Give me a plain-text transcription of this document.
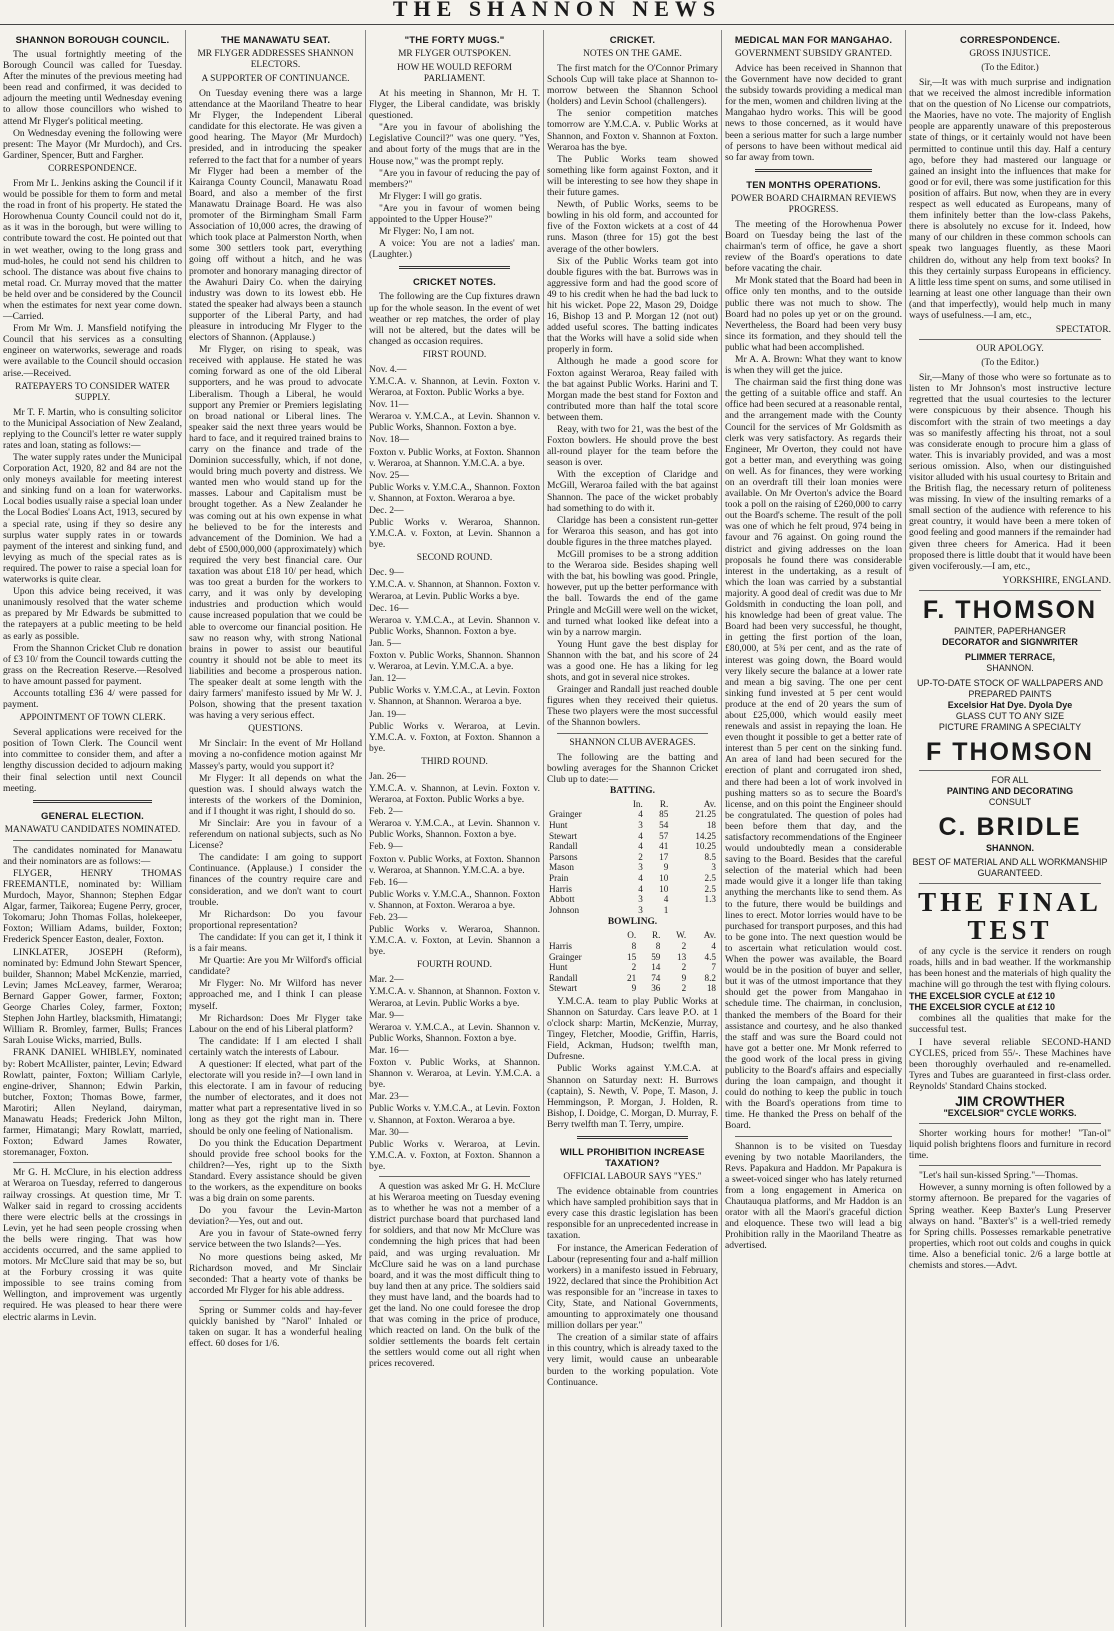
THE SHANNON NEWS
SHANNON BOROUGH COUNCIL.

The usual fortnightly meeting of the Borough Council was called for Tuesday. After the minutes of the previous meeting had been read and confirmed, it was decided to adjourn the meeting until Wednesday evening to allow those councillors who wished to attend Mr Flyger's political meeting.

On Wednesday evening the following were present: The Mayor (Mr Murdoch), and Crs. Gardiner, Spencer, Butt and Fargher.

CORRESPONDENCE.

From Mr L. Jenkins asking the Council if it would be possible for them to form and metal the road in front of his property. He stated the Horowhenua County Council could not do it, as it was in the borough, but were willing to contribute toward the cost. He pointed out that in wet weather, owing to the long grass and mud-holes, he could not send his children to school. The distance was about five chains to metal road. Cr. Murray moved that the matter be held over and be considered by the Council when the estimates for next year come down.—Carried.

From Mr Wm. J. Mansfield notifying the Council that his services as a consulting engineer on waterworks, sewerage and roads were available to the Council should occasion arise.—Received.

RATEPAYERS TO CONSIDER WATER SUPPLY.

Mr T. F. Martin, who is consulting solicitor to the Municipal Association of New Zealand, replying to the Council's letter re water supply rates and loan, stating as follows:—

The water supply rates under the Municipal Corporation Act, 1920, 82 and 84 are not the only moneys available for meeting interest and sinking fund on a loan for waterworks. Local bodies usually raise a special loan under the Local Bodies' Loans Act, 1913, secured by a special rate, using if they so desire any surplus water supply rates in or towards payment of the interest and sinking fund, and levying as much of the special rates as is required. The power to raise a special loan for waterworks is quite clear.

Upon this advice being received, it was unanimously resolved that the water scheme as prepared by Mr Edwards be submitted to the ratepayers at a public meeting to be held as early as possible.

From the Shannon Cricket Club re donation of £3 10/ from the Council towards cutting the grass on the Recreation Reserve.—Resolved to have amount passed for payment.

Accounts totalling £36 4/ were passed for payment.

APPOINTMENT OF TOWN CLERK.

Several applications were received for the position of Town Clerk. The Council went into committee to consider them, and after a lengthy discussion decided to adjourn making their final selection until next Council meeting.

GENERAL ELECTION.
MANAWATU CANDIDATES NOMINATED.

The candidates nominated for Manawatu and their nominators are as follows:—

FLYGER, HENRY THOMAS FREEMANTLE, nominated by: William Murdoch, Mayor, Shannon; Stephen Edgar Algar, farmer, Taikorea; Eugene Perry, grocer, Tokomaru; John Thomas Follas, holekeeper, Foxton; William Adams, builder, Foxton; Frederick Spencer Easton, dealer, Foxton.

LINKLATER, JOSEPH (Reform), nominated by: Edmund John Stewart Spencer, builder, Shannon; Mabel McKenzie, married, Levin; James McLeavey, farmer, Weraroa; Bernard Gapper Gower, farmer, Foxton; George Charles Coley, farmer, Foxton; Stephen John Hartley, blacksmith, Himatangi; William R. Bromley, farmer, Bulls; Frances Sarah Louise Wicks, married, Bulls.

FRANK DANIEL WHIBLEY, nominated by: Robert McAllister, painter, Levin; Edward Rowlatt, painter, Foxton; William Carlyle, engine-driver, Shannon; Edwin Parkin, butcher, Foxton; Thomas Bowe, farmer, Marotiri; Allen Neyland, dairyman, Manawatu Heads; Frederick John Milton, farmer, Himatangi; Mary Rowlatt, married, Foxton; Edward James Rowater, storemanager, Foxton.

Mr G. H. McClure, in his election address at Weraroa on Tuesday, referred to dangerous railway crossings. At question time, Mr T. Walker said in regard to crossing accidents there were electric bells at the crossings in Levin, yet he had seen people crossing when the bells were ringing. That was how accidents occurred, and the same applied to motors. Mr McClure said that may be so, but at the Forbury crossing it was quite impossible to see trains coming from Wellington, and improvement was urgently required. He was pleased to hear there were electric alarms in Levin.

THE MANAWATU SEAT.
MR FLYGER ADDRESSES SHANNON ELECTORS.
A SUPPORTER OF CONTINUANCE.

On Tuesday evening there was a large attendance at the Maoriland Theatre to hear Mr Flyger, the Independent Liberal candidate for this electorate. He was given a good hearing. The Mayor (Mr Murdoch) presided, and in introducing the speaker referred to the fact that for a number of years Mr Flyger had been a member of the Kairanga County Council, Manawatu Road Board, and also a member of the first Manawatu Drainage Board. He was also promoter of the Birmingham Small Farm Association of 10,000 acres, the drawing of which took place at Palmerston North, when some 300 settlers took part, everything going off without a hitch, and he was promoter and honorary managing director of the Awahuri Dairy Co. when the dairying industry was down to its lowest ebb. He stated the speaker had always been a staunch supporter of the Liberal Party, and had pleasure in introducing Mr Flyger to the electors of Shannon. (Applause.)

Mr Flyger, on rising to speak, was received with applause. He stated he was coming forward as one of the old Liberal supporters, and he was proud to advocate Liberalism. Though a Liberal, he would support any Premier or Premiers legislating on broad national or Liberal lines. The speaker said the next three years would be hard to face, and it required trained brains to carry on the finance and trade of the Dominion successfully, which, if not done, would bring much poverty and distress. We wanted men who would stand up for the masses. Labour and Capitalism must be brought together. As a New Zealander he was coming out at his own expense in what he believed to be for the interests and advancement of the Dominion. We had a debt of £500,000,000 (approximately) which required the very best financial care. Our taxation was about £18 10/ per head, which was too great a burden for the workers to carry, and it was only by developing industries and production which would cause increased population that we could be able to overcome our financial position. He saw no reason why, with strong National brains in power to assist our beautiful country it should not be able to meet its liabilities and become a prosperous nation. The speaker dealt at some length with the dairy farmers' manifesto issued by Mr W. J. Polson, showing that the present taxation was having a very serious effect.

QUESTIONS.

Mr Sinclair: In the event of Mr Holland moving a no-confidence motion against Mr Massey's party, would you support it?

Mr Flyger: It all depends on what the question was. I should always watch the interests of the workers of the Dominion, and if I thought it was right, I should do so.

Mr Sinclair: Are you in favour of a referendum on national subjects, such as No License?

The candidate: I am going to support Continuance. (Applause.) I consider the finances of the country require care and consideration, and we don't want to court trouble.

Mr Richardson: Do you favour proportional representation?

The candidate: If you can get it, I think it is a fair means.

Mr Quartie: Are you Mr Wilford's official candidate?

Mr Flyger: No. Mr Wilford has never approached me, and I think I can please myself.

Mr Richardson: Does Mr Flyger take Labour on the end of his Liberal platform?

The candidate: If I am elected I shall certainly watch the interests of Labour.

A questioner: If elected, what part of the electorate will you reside in?—I own land in this electorate. I am in favour of reducing the number of electorates, and it does not matter what part a representative lived in so long as they got the right man in. There should be only one feeling of Nationalism.

Do you think the Education Department should provide free school books for the children?—Yes, right up to the Sixth Standard. Every assistance should be given to the workers, as the expenditure on books was a big drain on some parents.

Do you favour the Levin-Marton deviation?—Yes, out and out.

Are you in favour of State-owned ferry service between the two Islands?—Yes.

No more questions being asked, Mr Richardson moved, and Mr Sinclair seconded: That a hearty vote of thanks be accorded Mr Flyger for his able address.

Spring or Summer colds and hay-fever quickly banished by "Narol" Inhaled or taken on sugar. It has a wonderful healing effect. 60 doses for 1/6.

"THE FORTY MUGS."
MR FLYGER OUTSPOKEN.
HOW HE WOULD REFORM PARLIAMENT.

At his meeting in Shannon, Mr H. T. Flyger, the Liberal candidate, was briskly questioned.

"Are you in favour of abolishing the Legislative Council?" was one query. "Yes, and about forty of the mugs that are in the House now," was the prompt reply.

"Are you in favour of reducing the pay of members?"

Mr Flyger: I will go gratis.

"Are you in favour of women being appointed to the Upper House?"

Mr Flyger: No, I am not.

A voice: You are not a ladies' man. (Laughter.)

CRICKET NOTES.

The following are the Cup fixtures drawn up for the whole season. In the event of wet weather or rep matches, the order of play will not be altered, but the dates will be changed as occasion requires.

FIRST ROUND.

Nov. 4.—

Y.M.C.A. v. Shannon, at Levin. Foxton v. Weraroa, at Foxton. Public Works a bye.

Nov. 11—

Weraroa v. Y.M.C.A., at Levin. Shannon v. Public Works, Shannon. Foxton a bye.

Nov. 18—

Foxton v. Public Works, at Foxton. Shannon v. Weraroa, at Shannon. Y.M.C.A. a bye.

Nov. 25—

Public Works v. Y.M.C.A., Shannon. Foxton v. Shannon, at Foxton. Weraroa a bye.

Dec. 2—

Public Works v. Weraroa, Shannon. Y.M.C.A. v. Foxton, at Levin. Shannon a bye.

SECOND ROUND.

Dec. 9—

Y.M.C.A. v. Shannon, at Shannon. Foxton v. Weraroa, at Levin. Public Works a bye.

Dec. 16—

Weraroa v. Y.M.C.A., at Levin. Shannon v. Public Works, Shannon. Foxton a bye.

Jan. 5—

Foxton v. Public Works, Shannon. Shannon v. Weraroa, at Levin. Y.M.C.A. a bye.

Jan. 12—

Public Works v. Y.M.C.A., at Levin. Foxton v. Shannon, at Shannon. Weraroa a bye.

Jan. 19—

Public Works v. Weraroa, at Levin. Y.M.C.A. v. Foxton, at Foxton. Shannon a bye.

THIRD ROUND.

Jan. 26—

Y.M.C.A. v. Shannon, at Levin. Foxton v. Weraroa, at Foxton. Public Works a bye.

Feb. 2—

Weraroa v. Y.M.C.A., at Levin. Shannon v. Public Works, Shannon. Foxton a bye.

Feb. 9—

Foxton v. Public Works, at Foxton. Shannon v. Weraroa, at Shannon. Y.M.C.A. a bye.

Feb. 16—

Public Works v. Y.M.C.A., Shannon. Foxton v. Shannon, at Foxton. Weraroa a bye.

Feb. 23—

Public Works v. Weraroa, Shannon. Y.M.C.A. v. Foxton, at Levin. Shannon a bye.

FOURTH ROUND.

Mar. 2—

Y.M.C.A. v. Shannon, at Shannon. Foxton v. Weraroa, at Levin. Public Works a bye.

Mar. 9—

Weraroa v. Y.M.C.A., at Levin. Shannon v. Public Works, Shannon. Foxton a bye.

Mar. 16—

Foxton v. Public Works, at Shannon. Shannon v. Weraroa, at Levin. Y.M.C.A. a bye.

Mar. 23—

Public Works v. Y.M.C.A., at Levin. Foxton v. Shannon, at Foxton. Weraroa a bye.

Mar. 30—

Public Works v. Weraroa, at Levin. Y.M.C.A. v. Foxton, at Foxton. Shannon a bye.

A question was asked Mr G. H. McClure at his Weraroa meeting on Tuesday evening as to whether he was not a member of a district purchase board that purchased land for soldiers, and that now Mr McClure was condemning the high prices that had been paid, and was urging revaluation. Mr McClure said he was on a land purchase board, and it was the most difficult thing to buy land then at any price. The soldiers said they must have land, and the boards had to get the land. No one could foresee the drop that was coming in the price of produce, which reacted on land. On the bulk of the soldier settlements the boards felt certain the settlers would come out all right when prices recovered.

CRICKET.
NOTES ON THE GAME.

The first match for the O'Connor Primary Schools Cup will take place at Shannon to-morrow between the Shannon School (holders) and Levin School (challengers).

The senior competition matches tomorrow are Y.M.C.A. v. Public Works at Shannon, and Foxton v. Shannon at Foxton. Weraroa has the bye.

The Public Works team showed something like form against Foxton, and it will be interesting to see how they shape in their future games.

Newth, of Public Works, seems to be bowling in his old form, and accounted for five of the Foxton wickets at a cost of 44 runs. Mason (three for 15) got the best average of the other bowlers.

Six of the Public Works team got into double figures with the bat. Burrows was in aggressive form and had the good score of 49 to his credit when he had the bad luck to hit his wicket. Pope 22, Mason 29, Doidge 16, Bishop 13 and P. Morgan 12 (not out) added useful scores. The batting indicates that the Works will have a solid side when properly in form.

Although he made a good score for Foxton against Weraroa, Reay failed with the bat against Public Works. Harini and T. Morgan made the best stand for Foxton and contributed more than half the total score between them.

Reay, with two for 21, was the best of the Foxton bowlers. He should prove the best all-round player for the team before the season is over.

With the exception of Claridge and McGill, Weraroa failed with the bat against Shannon. The pace of the wicket probably had something to do with it.

Claridge has been a consistent run-getter for Weraroa this season, and has got into double figures in the three matches played.

McGill promises to be a strong addition to the Weraroa side. Besides shaping well with the bat, his bowling was good. Pringle, however, put up the better performance with the ball. Towards the end of the game Pringle and McGill were well on the wicket, and turned what looked like defeat into a win by a narrow margin.

Young Hunt gave the best display for Shannon with the bat, and his score of 24 was a good one. He has a liking for leg shots, and got in several nice strokes.

Grainger and Randall just reached double figures when they received their quietus. These two players were the most successful of the Shannon bowlers.

SHANNON CLUB AVERAGES.

The following are the batting and bowling averages for the Shannon Cricket Club up to date:—

BATTING.
	In.	R.	Av.
Grainger	4	85	21.25
Hunt	3	54	18
Stewart	4	57	14.25
Randall	4	41	10.25
Parsons	2	17	8.5
Mason	3	9	3
Prain	4	10	2.5
Harris	4	10	2.5
Abbott	3	4	1.3
Johnson	3	1	
BOWLING.
	O.	R.	W.	Av.
Harris	8	8	2	4
Grainger	15	59	13	4.5
Hunt	2	14	2	7
Randall	21	74	9	8.2
Stewart	9	36	2	18

Y.M.C.A. team to play Public Works at Shannon on Saturday. Cars leave P.O. at 1 o'clock sharp: Martin, McKenzie, Murray, Tingey, Fletcher, Moodie, Griffin, Harris, Field, Ackman, Hudson; twelfth man, Dufresne.

Public Works against Y.M.C.A. at Shannon on Saturday next: H. Burrows (captain), S. Newth, V. Pope, T. Mason, J. Hemmingson, P. Morgan, J. Holden, R. Bishop, I. Doidge, C. Morgan, D. Murray, F. Berry twelfth man T. Terry, umpire.

WILL PROHIBITION INCREASE TAXATION?
OFFICIAL LABOUR SAYS "YES."

The evidence obtainable from countries which have sampled prohibition says that in every case this drastic legislation has been responsible for an unprecedented increase in taxation.

For instance, the American Federation of Labour (representing four and a-half million workers) in a manifesto issued in February, 1922, declared that since the Prohibition Act was responsible for an "increase in taxes to City, State, and National Governments, amounting to approximately one thousand million dollars per year."

The creation of a similar state of affairs in this country, which is already taxed to the very limit, would cause an unbearable burden to the working population. Vote Continuance.

MEDICAL MAN FOR MANGAHAO.
GOVERNMENT SUBSIDY GRANTED.

Advice has been received in Shannon that the Government have now decided to grant the subsidy towards providing a medical man for the men, women and children living at the Mangahao hydro works. This will be good news to those concerned, as it would have been a serious matter for such a large number of persons to have been without medical aid so far away from town.

TEN MONTHS OPERATIONS.
POWER BOARD CHAIRMAN REVIEWS PROGRESS.

The meeting of the Horowhenua Power Board on Tuesday being the last of the chairman's term of office, he gave a short review of the Board's operations to date before vacating the chair.

Mr Monk stated that the Board had been in office only ten months, and to the outside public there was not much to show. The Board had no poles up yet or on the ground. Nevertheless, the Board had been very busy since its formation, and they should tell the public what had been accomplished.

Mr A. A. Brown: What they want to know is when they will get the juice.

The chairman said the first thing done was the getting of a suitable office and staff. An office had been secured at a reasonable rental, and the arrangement made with the County Council for the services of Mr Goldsmith as clerk was very satisfactory. As regards their Engineer, Mr Overton, they could not have got a better man, and everything was going on well. As for finances, they were working on an overdraft till their loan monies were available. On Mr Overton's advice the Board took a poll on the raising of £260,000 to carry out the Board's scheme. The result of the poll was one of which he felt proud, 974 being in favour and 76 against. On going round the district and giving addresses on the loan proposals he found there was considerable interest in the undertaking, as a result of which the loan was carried by a substantial majority. A good deal of credit was due to Mr Goldsmith in conducting the loan poll, and his knowledge had been of great value. The Board had been very successful, he thought, in getting the first portion of the loan, £80,000, at 5¾ per cent, and as the rate of interest was going down, the Board would very likely secure the balance at a lower rate and mean a big saving. The one per cent sinking fund invested at 5 per cent would produce at the end of 20 years the sum of about £25,000, which would easily meet renewals and assist in repaying the loan. He even thought it possible to get a better rate of interest than 5 per cent on the sinking fund. An area of land had been secured for the erection of plant and corrugated iron shed, and there had been a lot of work involved in pushing matters so as to secure the Board's license, and on this point the Engineer should be congratulated. The question of poles had been before them that day, and the satisfactory recommendations of the Engineer would undoubtedly mean a considerable saving to the Board. Besides that the careful selection of the material which had been made would give it a longer life than taking anything the merchants like to send them. As to the future, there would be buildings and lines to erect. Motor lorries would have to be purchased for transport purposes, and this had to be gone into. The next question would be to ascertain what reticulation would cost. When the power was available, the Board would be in the position of buyer and seller, but it was of the utmost importance that they should get the power from Mangahao in schedule time. The chairman, in conclusion, thanked the members of the Board for their assistance and courtesy, and he also thanked the staff and was sure the Board could not have got a better one. Mr Monk referred to the good work of the local press in giving publicity to the Board's affairs and especially during the loan campaign, and thought it could do nothing to keep the public in touch with the Board's operations from time to time. He thanked the Press on behalf of the Board.

Shannon is to be visited on Tuesday evening by two notable Maorilanders, the Revs. Papakura and Haddon. Mr Papakura is a sweet-voiced singer who has lately returned from a long engagement in America on Chautauqua platforms, and Mr Haddon is an orator with all the Maori's graceful diction and eloquence. These two will lead a big Prohibition rally in the Maoriland Theatre as advertised.

CORRESPONDENCE.
GROSS INJUSTICE.
(To the Editor.)

Sir,—It was with much surprise and indignation that we received the almost incredible information that on the question of No License our compatriots, the Maories, have no vote. The majority of English people are apparently unaware of this preposterous state of things, or it certainly would not have been permitted to continue until this day. Half a century ago, before they had mastered our language or gained an insight into the influences that make for good or for evil, there was some justification for this position of affairs. But now, when they are in every respect as well educated as Europeans, many of them infinitely better than the low-class Pakehs, there is absolutely no excuse for it. Indeed, how many of our children in these common schools can speak two languages fluently, as these Maori children do, without any help from text books? In this they certainly surpass Europeans in efficiency. A little less time spent on sums, and some utilised in learning at least one other language than their own (and that imperfectly), would help much in many ways of usefulness.—I am, etc.,

SPECTATOR.

OUR APOLOGY.
(To the Editor.)

Sir,—Many of those who were so fortunate as to listen to Mr Johnson's most instructive lecture regretted that the usual courtesies to the lecturer were conspicuous by their absence. Though his discomfort with the strain of two meetings a day was so manifestly affecting his throat, not a soul was considerate enough to procure him a glass of water. This is invariably provided, and was a most serious omission. Also, when our distinguished visitor alluded with his usual courtesy to Britain and the British flag, the necessary return of politeness was missing. In view of the insulting remarks of a small section of the audience with reference to his great country, it would have been a mere token of good feeling and good manners if the remainder had given three cheers for America. Had it been proposed there is little doubt that it would have been given vociferously.—I am, etc.,

YORKSHIRE, ENGLAND.

F. THOMSON
PAINTER, PAPERHANGER
DECORATOR and SIGNWRITER
PLIMMER TERRACE,
SHANNON.
UP-TO-DATE STOCK OF WALLPAPERS AND PREPARED PAINTS
Excelsior Hat Dye. Dyola Dye
GLASS CUT TO ANY SIZE
PICTURE FRAMING A SPECIALTY
F THOMSON
FOR ALL
PAINTING AND DECORATING
CONSULT
C. BRIDLE
SHANNON.
BEST OF MATERIAL AND ALL WORKMANSHIP GUARANTEED.
THE FINAL TEST

of any cycle is the service it renders on rough roads, hills and in bad weather. If the workmanship has been honest and the materials of high quality the machine will go through the test with flying colours.

THE EXCELSIOR CYCLE at £12 10
THE EXCELSIOR CYCLE at £12 10

combines all the qualities that make for the successful test.

I have several reliable SECOND-HAND CYCLES, priced from 55/-. These Machines have been thoroughly overhauled and re-enamelled. Tyres and Tubes are guaranteed in first-class order. Reynolds' Standard Chains stocked.

JIM CROWTHER
"EXCELSIOR" CYCLE WORKS.

Shorter working hours for mother! "Tan-ol" liquid polish brightens floors and furniture in record time.

"Let's hail sun-kissed Spring."—Thomas.

However, a sunny morning is often followed by a stormy afternoon. Be prepared for the vagaries of Spring weather. Keep Baxter's Lung Preserver always on hand. "Baxter's" is a well-tried remedy for Spring chills. Possesses remarkable penetrative properties, which root out colds and coughs in quick time. Also a beneficial tonic. 2/6 a large bottle at chemists and stores.—Advt.
